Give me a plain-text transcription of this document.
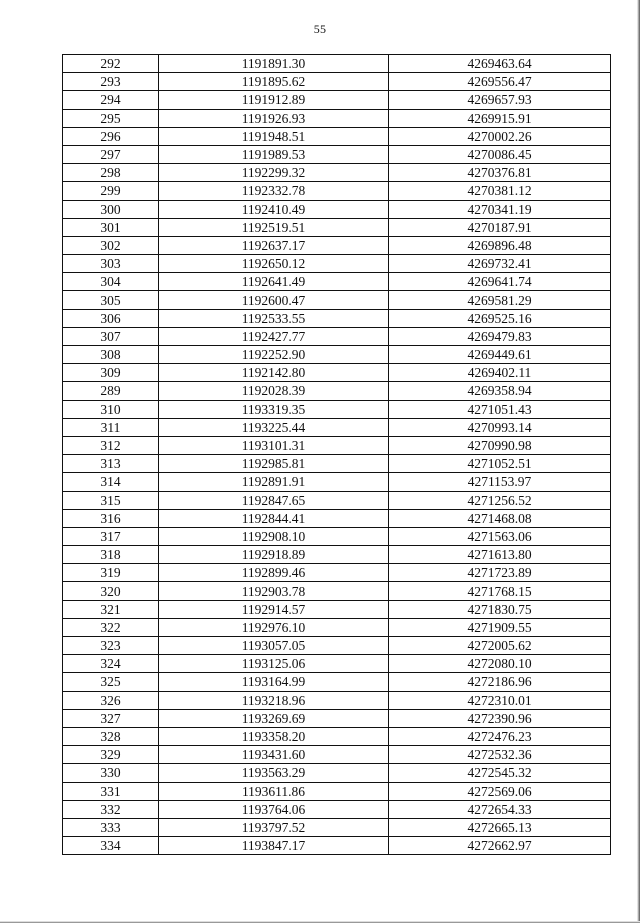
55
292	1191891.30	4269463.64
293	1191895.62	4269556.47
294	1191912.89	4269657.93
295	1191926.93	4269915.91
296	1191948.51	4270002.26
297	1191989.53	4270086.45
298	1192299.32	4270376.81
299	1192332.78	4270381.12
300	1192410.49	4270341.19
301	1192519.51	4270187.91
302	1192637.17	4269896.48
303	1192650.12	4269732.41
304	1192641.49	4269641.74
305	1192600.47	4269581.29
306	1192533.55	4269525.16
307	1192427.77	4269479.83
308	1192252.90	4269449.61
309	1192142.80	4269402.11
289	1192028.39	4269358.94
310	1193319.35	4271051.43
311	1193225.44	4270993.14
312	1193101.31	4270990.98
313	1192985.81	4271052.51
314	1192891.91	4271153.97
315	1192847.65	4271256.52
316	1192844.41	4271468.08
317	1192908.10	4271563.06
318	1192918.89	4271613.80
319	1192899.46	4271723.89
320	1192903.78	4271768.15
321	1192914.57	4271830.75
322	1192976.10	4271909.55
323	1193057.05	4272005.62
324	1193125.06	4272080.10
325	1193164.99	4272186.96
326	1193218.96	4272310.01
327	1193269.69	4272390.96
328	1193358.20	4272476.23
329	1193431.60	4272532.36
330	1193563.29	4272545.32
331	1193611.86	4272569.06
332	1193764.06	4272654.33
333	1193797.52	4272665.13
334	1193847.17	4272662.97
